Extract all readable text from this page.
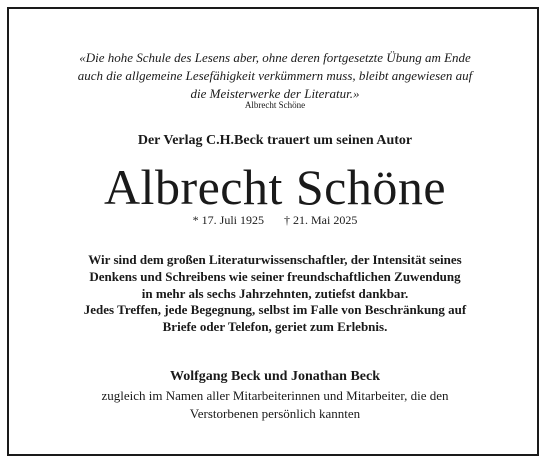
«Die hohe Schule des Lesens aber, ohne deren fortgesetzte Übung am Ende
auch die allgemeine Lesefähigkeit verkümmern muss, bleibt angewiesen auf
die Meisterwerke der Literatur.»
Albrecht Schöne
Der Verlag C.H.Beck trauert um seinen Autor
Albrecht Schöne
* 17. Juli 1925 † 21. Mai 2025
Wir sind dem großen Literaturwissenschaftler, der Intensität seines
Denkens und Schreibens wie seiner freundschaftlichen Zuwendung
in mehr als sechs Jahrzehnten, zutiefst dankbar.
Jedes Treffen, jede Begegnung, selbst im Falle von Beschränkung auf
Briefe oder Telefon, geriet zum Erlebnis.
Wolfgang Beck und Jonathan Beck
zugleich im Namen aller Mitarbeiterinnen und Mitarbeiter, die den
Verstorbenen persönlich kannten
